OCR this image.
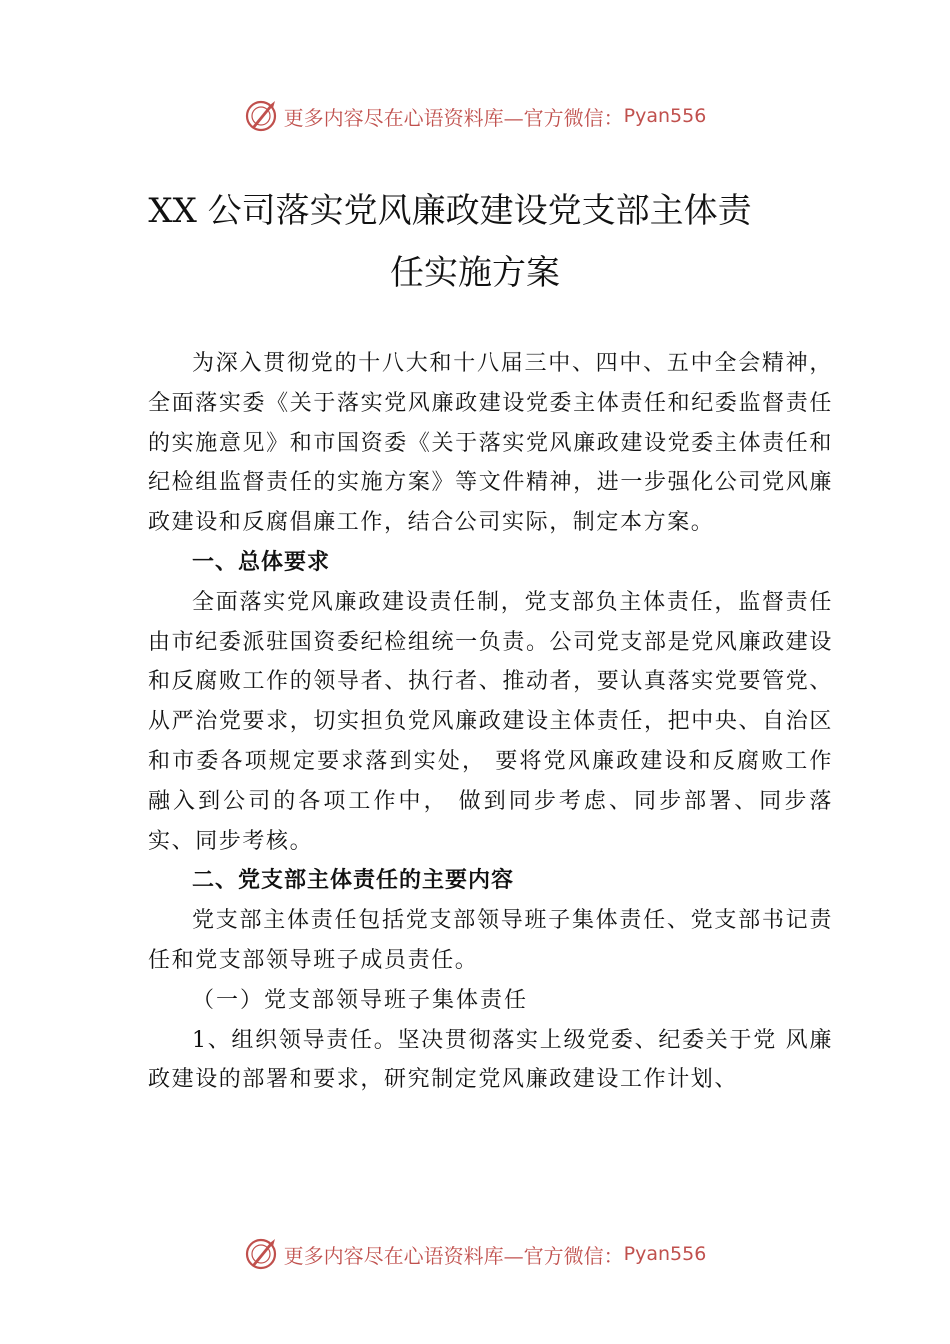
更多内容尽在心语资料库—官方微信： Pyan556
XX 公司落实党风廉政建设党支部主体责
任实施方案

为深入贯彻党的十八大和十八届三中、四中、五中全会精神，全面落实委《关于落实党风廉政建设党委主体责任和纪委监督责任的实施意见》和市国资委《关于落实党风廉政建设党委主体责任和纪检组监督责任的实施方案》等文件精神，进一步强化公司党风廉政建设和反腐倡廉工作，结合公司实际，制定本方案。

一、总体要求

全面落实党风廉政建设责任制，党支部负主体责任，监督责任由市纪委派驻国资委纪检组统一负责。公司党支部是党风廉政建设和反腐败工作的领导者、执行者、推动者，要认真落实党要管党、从严治党要求，切实担负党风廉政建设主体责任，把中央、自治区和市委各项规定要求落到实处， 要将党风廉政建设和反腐败工作融入到公司的各项工作中， 做到同步考虑、同步部署、同步落实、同步考核。

二、党支部主体责任的主要内容

党支部主体责任包括党支部领导班子集体责任、党支部书记责任和党支部领导班子成员责任。

（一）党支部领导班子集体责任

1、组织领导责任。坚决贯彻落实上级党委、纪委关于党 风廉政建设的部署和要求，研究制定党风廉政建设工作计划、

更多内容尽在心语资料库—官方微信： Pyan556
